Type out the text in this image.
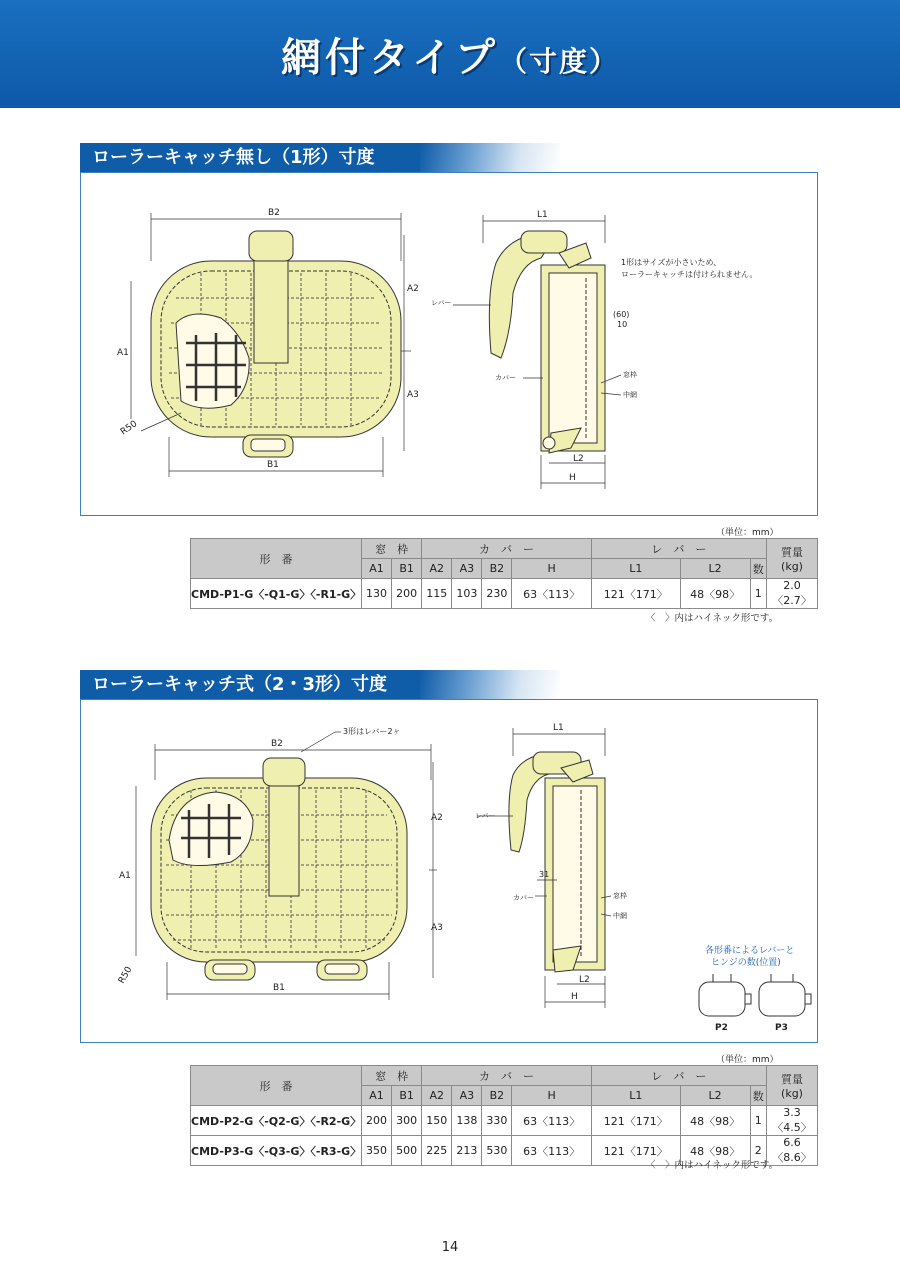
網付タイプ（寸度）
ローラーキャッチ無し（1形）寸度
B2
B1
A1
A2
A3
R50
L1
L2
H
レバー
カバー	窓枠
中網
(60)
10
1形はサイズが小さいため、
ローラーキャッチは付けられません。
（単位：mm）
形　番	窓　枠		カ　バ　ー				レ　バ　ー			質量
(kg)
	A1	B1	A2	A3	B2	H	L1	L2	数	
CMD-P1-G〈-Q1-G〉〈-R1-G〉	130	200	115	103	230	63〈113〉	121〈171〉	48〈98〉	1	2.0〈2.7〉
〈　〉内はハイネック形です。
ローラーキャッチ式（2・3形）寸度
B2
B1
A1
A2
A3
R50
3形はレバー2ヶ	L1
L2
H
レバー
カバー	窓枠
中網
31
各形番によるレバーと
ヒンジの数(位置)
P2	P3
（単位：mm）
形　番	窓　枠		カ　バ　ー				レ　バ　ー			質量
(kg)
	A1	B1	A2	A3	B2	H	L1	L2	数	
CMD-P2-G〈-Q2-G〉〈-R2-G〉	200	300	150	138	330	63〈113〉	121〈171〉	48〈98〉	1	3.3〈4.5〉
CMD-P3-G〈-Q3-G〉〈-R3-G〉	350	500	225	213	530	63〈113〉	121〈171〉	48〈98〉	2	6.6〈8.6〉
〈　〉内はハイネック形です。
14
